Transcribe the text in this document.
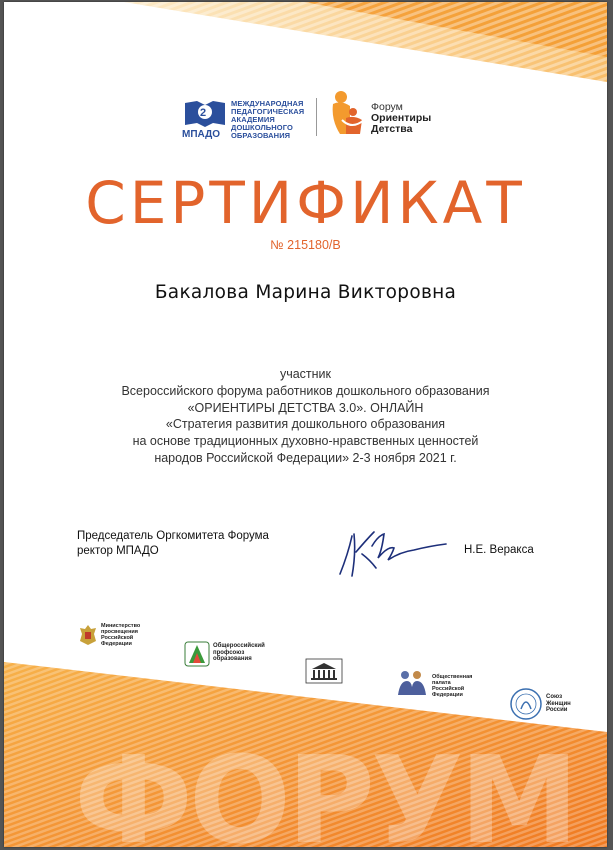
2
МПАДО
МЕЖДУНАРОДНАЯ
ПЕДАГОГИЧЕСКАЯ
АКАДЕМИЯ
ДОШКОЛЬНОГО
ОБРАЗОВАНИЯ
Форум
Ориентиры
Детства
СЕРТИФИКАТ
№ 215180/В
Бакалова Марина Викторовна
участник
Всероссийского форума работников дошкольного образования
«ОРИЕНТИРЫ ДЕТСТВА 3.0». ОНЛАЙН
«Стратегия развития дошкольного образования
на основе традиционных духовно-нравственных ценностей
народов Российской Федерации» 2-3 ноября 2021 г.
Председатель Оргкомитета Форума
ректор МПАДО	Н.Е. Веракса
ФОРУМ
Министерство
просвещения
Российской
Федерации	Общероссийский
профсоюз
образования
Общественная
палата
Российской
Федерации	Союз
Женщин
России
